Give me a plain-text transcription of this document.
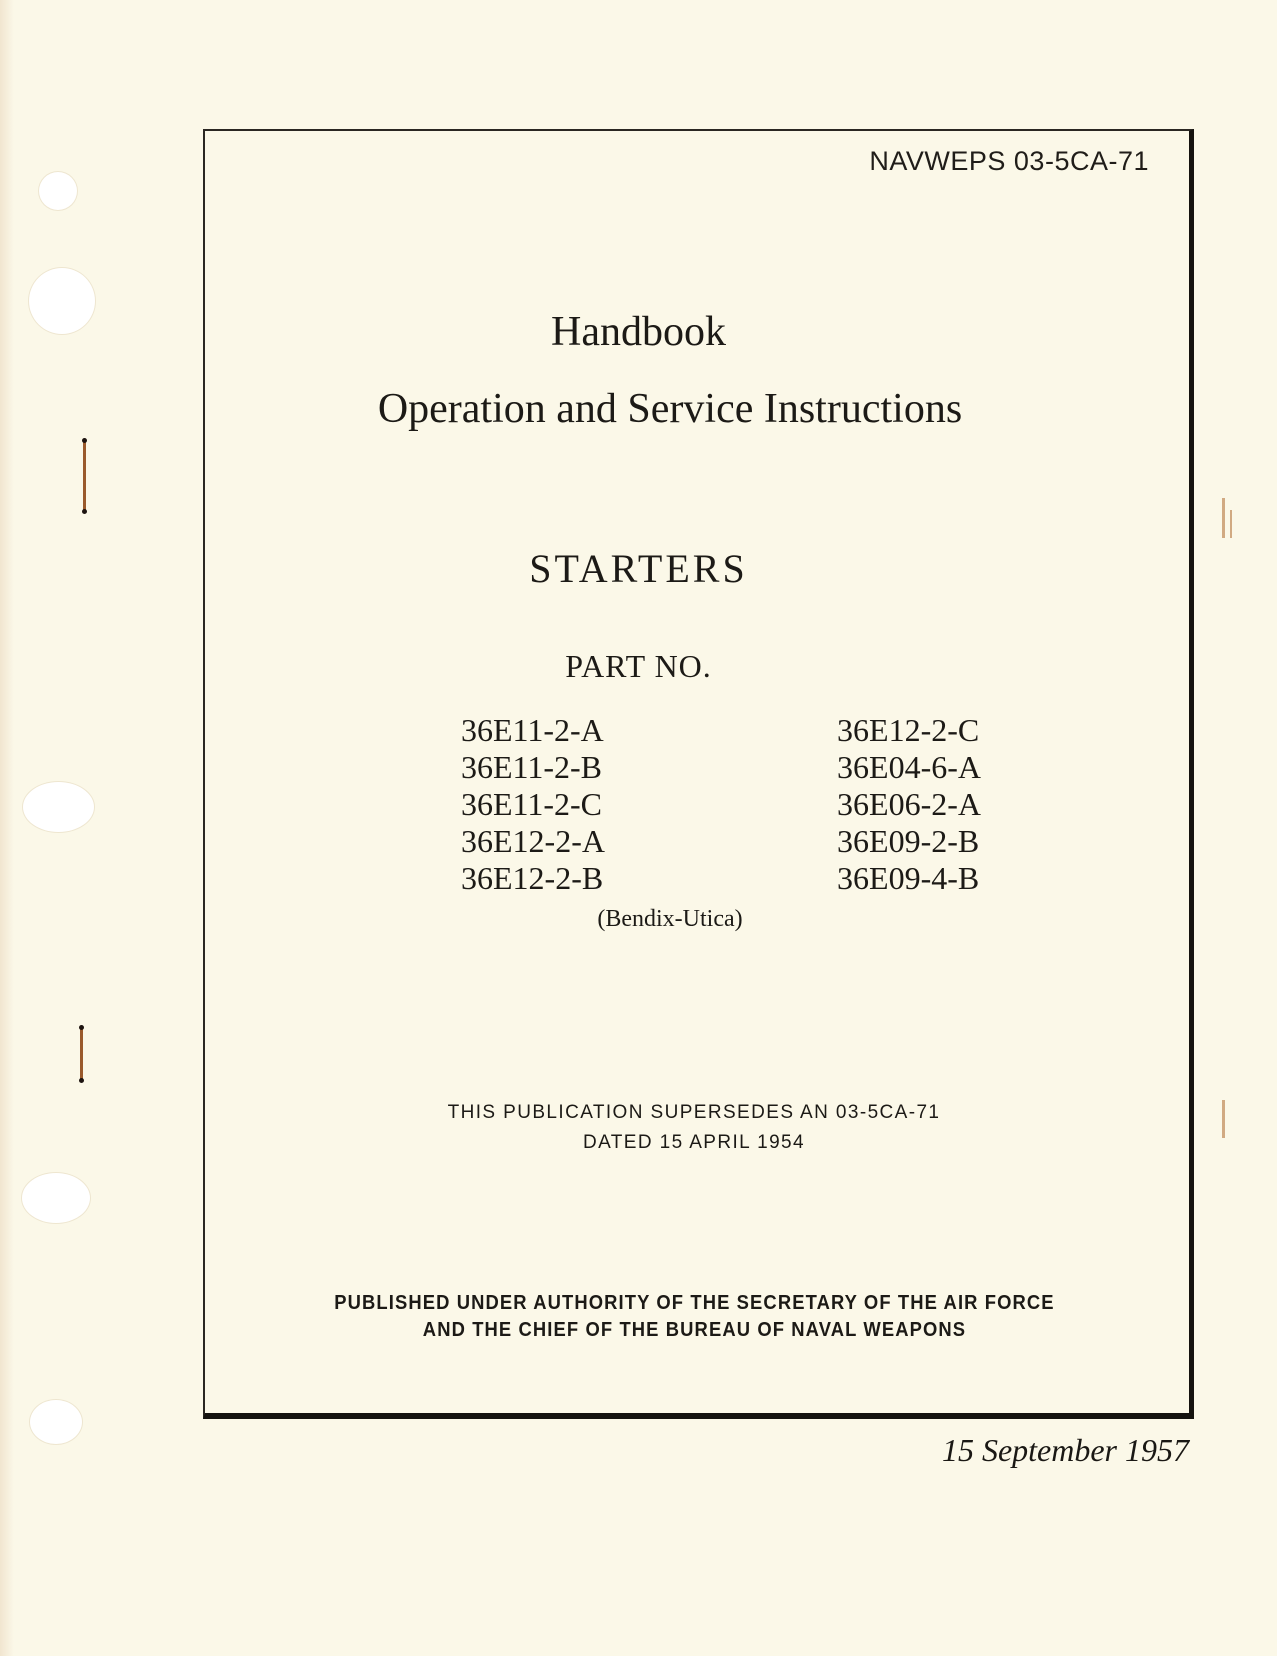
NAVWEPS 03-5CA-71
Handbook
Operation and Service Instructions
STARTERS
PART NO.
36E11-2-A
36E11-2-B
36E11-2-C
36E12-2-A
36E12-2-B
36E12-2-C
36E04-6-A
36E06-2-A
36E09-2-B
36E09-4-B
(Bendix-Utica)
THIS PUBLICATION SUPERSEDES AN 03-5CA-71
DATED 15 APRIL 1954
PUBLISHED UNDER AUTHORITY OF THE SECRETARY OF THE AIR FORCE
AND THE CHIEF OF THE BUREAU OF NAVAL WEAPONS
15 September 1957
